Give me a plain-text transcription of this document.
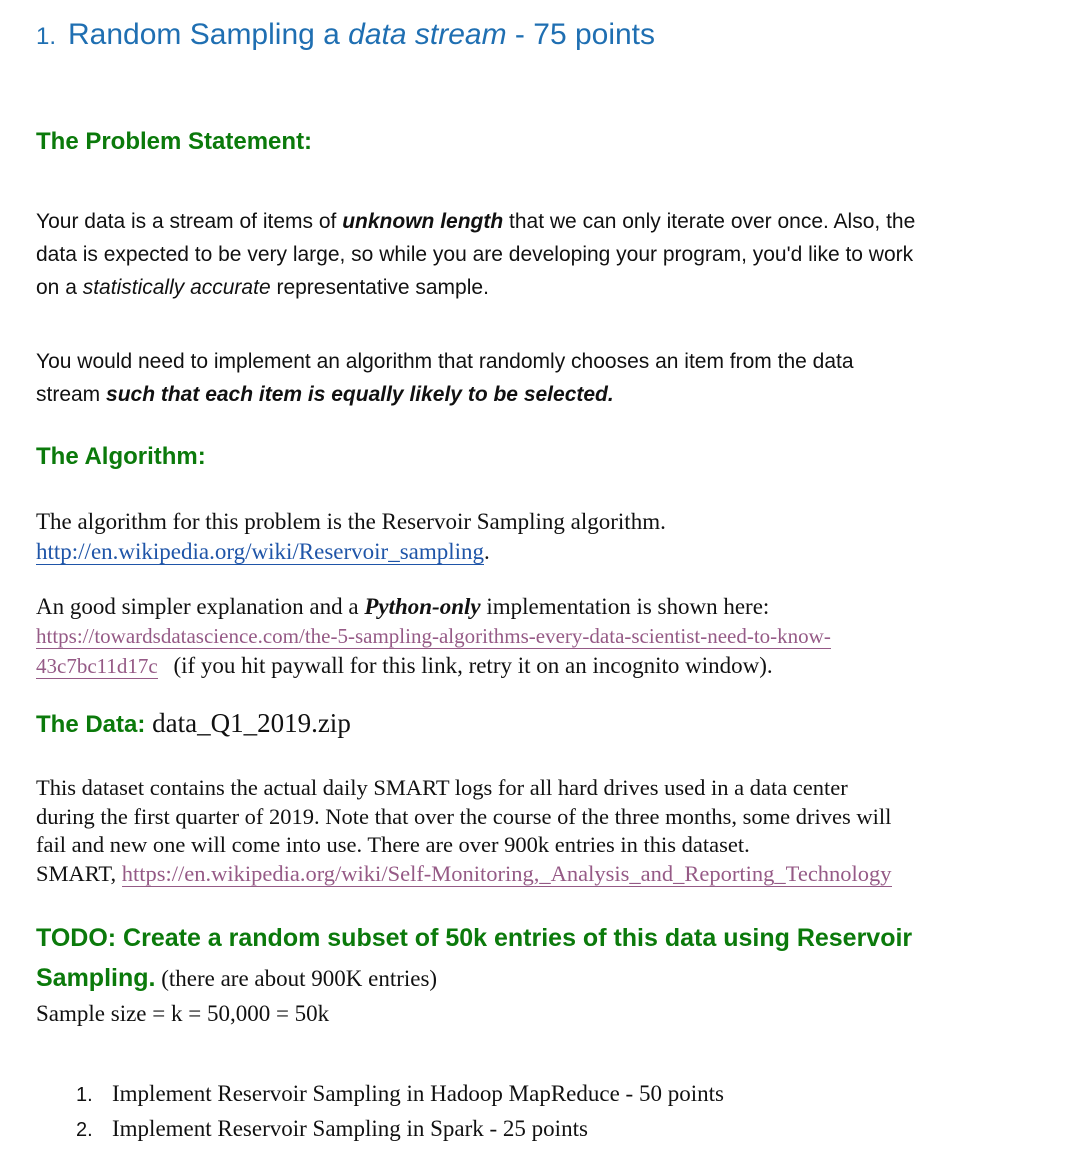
1. Random Sampling a data stream - 75 points
The Problem Statement:
Your data is a stream of items of unknown length that we can only iterate over once. Also, the
data is expected to be very large, so while you are developing your program, you'd like to work
on a statistically accurate representative sample.
You would need to implement an algorithm that randomly chooses an item from the data
stream such that each item is equally likely to be selected.
The Algorithm:
The algorithm for this problem is the Reservoir Sampling algorithm.
http://en.wikipedia.org/wiki/Reservoir_sampling.
An good simpler explanation and a Python-only implementation is shown here:
https://towardsdatascience.com/the-5-sampling-algorithms-every-data-scientist-need-to-know-
43c7bc11d17c (if you hit paywall for this link, retry it on an incognito window).
The Data: data_Q1_2019.zip
This dataset contains the actual daily SMART logs for all hard drives used in a data center
during the first quarter of 2019. Note that over the course of the three months, some drives will
fail and new one will come into use. There are over 900k entries in this dataset.
SMART, https://en.wikipedia.org/wiki/Self-Monitoring,_Analysis_and_Reporting_Technology
TODO: Create a random subset of 50k entries of this data using Reservoir
Sampling. (there are about 900K entries)
Sample size = k = 50,000 = 50k
1. Implement Reservoir Sampling in Hadoop MapReduce - 50 points
2. Implement Reservoir Sampling in Spark - 25 points
